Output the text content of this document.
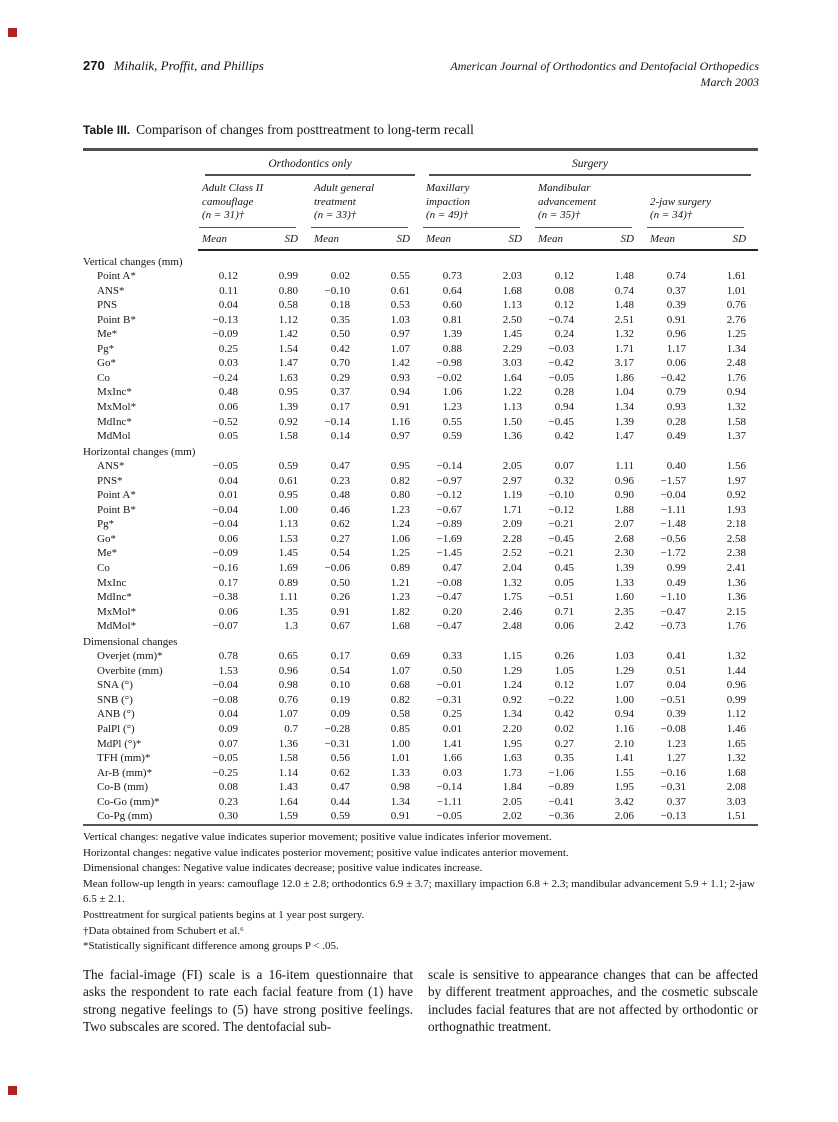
270 Mihalik, Proffit, and Phillips	American Journal of Orthodontics and Dentofacial Orthopedics
March 2003
Table III. Comparison of changes from posttreatment to long-term recall

	Orthodontics only				Surgery					

	Adult Class II
camouflage
(n = 31)†		Adult general
treatment
(n = 33)†		Maxillary
impaction
(n = 49)†		Mandibular
advancement
(n = 35)†		2-jaw surgery
(n = 34)†	

	Mean	SD	Mean	SD	Mean	SD	Mean	SD	Mean	SD
Vertical changes (mm)										
Point A*	0.12	0.99	0.02	0.55	0.73	2.03	0.12	1.48	0.74	1.61
ANS*	0.11	0.80	−0.10	0.61	0.64	1.68	0.08	0.74	0.37	1.01
PNS	0.04	0.58	0.18	0.53	0.60	1.13	0.12	1.48	0.39	0.76
Point B*	−0.13	1.12	0.35	1.03	0.81	2.50	−0.74	2.51	0.91	2.76
Me*	−0.09	1.42	0.50	0.97	1.39	1.45	0.24	1.32	0.96	1.25
Pg*	0.25	1.54	0.42	1.07	0.88	2.29	−0.03	1.71	1.17	1.34
Go*	0.03	1.47	0.70	1.42	−0.98	3.03	−0.42	3.17	0.06	2.48
Co	−0.24	1.63	0.29	0.93	−0.02	1.64	−0.05	1.86	−0.42	1.76
MxInc*	0.48	0.95	0.37	0.94	1.06	1.22	0.28	1.04	0.79	0.94
MxMol*	0.06	1.39	0.17	0.91	1.23	1.13	0.94	1.34	0.93	1.32
MdInc*	−0.52	0.92	−0.14	1.16	0.55	1.50	−0.45	1.39	0.28	1.58
MdMol	0.05	1.58	0.14	0.97	0.59	1.36	0.42	1.47	0.49	1.37
Horizontal changes (mm)										
ANS*	−0.05	0.59	0.47	0.95	−0.14	2.05	0.07	1.11	0.40	1.56
PNS*	0.04	0.61	0.23	0.82	−0.97	2.97	0.32	0.96	−1.57	1.97
Point A*	0.01	0.95	0.48	0.80	−0.12	1.19	−0.10	0.90	−0.04	0.92
Point B*	−0.04	1.00	0.46	1.23	−0.67	1.71	−0.12	1.88	−1.11	1.93
Pg*	−0.04	1.13	0.62	1.24	−0.89	2.09	−0.21	2.07	−1.48	2.18
Go*	0.06	1.53	0.27	1.06	−1.69	2.28	−0.45	2.68	−0.56	2.58
Me*	−0.09	1.45	0.54	1.25	−1.45	2.52	−0.21	2.30	−1.72	2.38
Co	−0.16	1.69	−0.06	0.89	0.47	2.04	0.45	1.39	0.99	2.41
MxInc	0.17	0.89	0.50	1.21	−0.08	1.32	0.05	1.33	0.49	1.36
MdInc*	−0.38	1.11	0.26	1.23	−0.47	1.75	−0.51	1.60	−1.10	1.36
MxMol*	0.06	1.35	0.91	1.82	0.20	2.46	0.71	2.35	−0.47	2.15
MdMol*	−0.07	1.3	0.67	1.68	−0.47	2.48	0.06	2.42	−0.73	1.76
Dimensional changes										
Overjet (mm)*	0.78	0.65	0.17	0.69	0.33	1.15	0.26	1.03	0.41	1.32
Overbite (mm)	1.53	0.96	0.54	1.07	0.50	1.29	1.05	1.29	0.51	1.44
SNA (°)	−0.04	0.98	0.10	0.68	−0.01	1.24	0.12	1.07	0.04	0.96
SNB (°)	−0.08	0.76	0.19	0.82	−0.31	0.92	−0.22	1.00	−0.51	0.99
ANB (°)	0.04	1.07	0.09	0.58	0.25	1.34	0.42	0.94	0.39	1.12
PalPl (°)	0.09	0.7	−0.28	0.85	0.01	2.20	0.02	1.16	−0.08	1.46
MdPl (°)*	0.07	1.36	−0.31	1.00	1.41	1.95	0.27	2.10	1.23	1.65
TFH (mm)*	−0.05	1.58	0.56	1.01	1.66	1.63	0.35	1.41	1.27	1.32
Ar-B (mm)*	−0.25	1.14	0.62	1.33	0.03	1.73	−1.06	1.55	−0.16	1.68
Co-B (mm)	0.08	1.43	0.47	0.98	−0.14	1.84	−0.89	1.95	−0.31	2.08
Co-Go (mm)*	0.23	1.64	0.44	1.34	−1.11	2.05	−0.41	3.42	0.37	3.03
Co-Pg (mm)	0.30	1.59	0.59	0.91	−0.05	2.02	−0.36	2.06	−0.13	1.51
Vertical changes: negative value indicates superior movement; positive value indicates inferior movement.
Horizontal changes: negative value indicates posterior movement; positive value indicates anterior movement.
Dimensional changes: Negative value indicates decrease; positive value indicates increase.
Mean follow-up length in years: camouflage 12.0 ± 2.8; orthodontics 6.9 ± 3.7; maxillary impaction 6.8 + 2.3; mandibular advancement 5.9 + 1.1; 2-jaw 6.5 ± 2.1.
Posttreatment for surgical patients begins at 1 year post surgery.
†Data obtained from Schubert et al.⁶
*Statistically significant difference among groups P < .05.
The facial-image (FI) scale is a 16-item questionnaire that asks the respondent to rate each facial feature from (1) have strong negative feelings to (5) have strong positive feelings. Two subscales are scored. The dentofacial sub-
scale is sensitive to appearance changes that can be affected by different treatment approaches, and the cosmetic subscale includes facial features that are not affected by orthodontic or orthognathic treatment.
